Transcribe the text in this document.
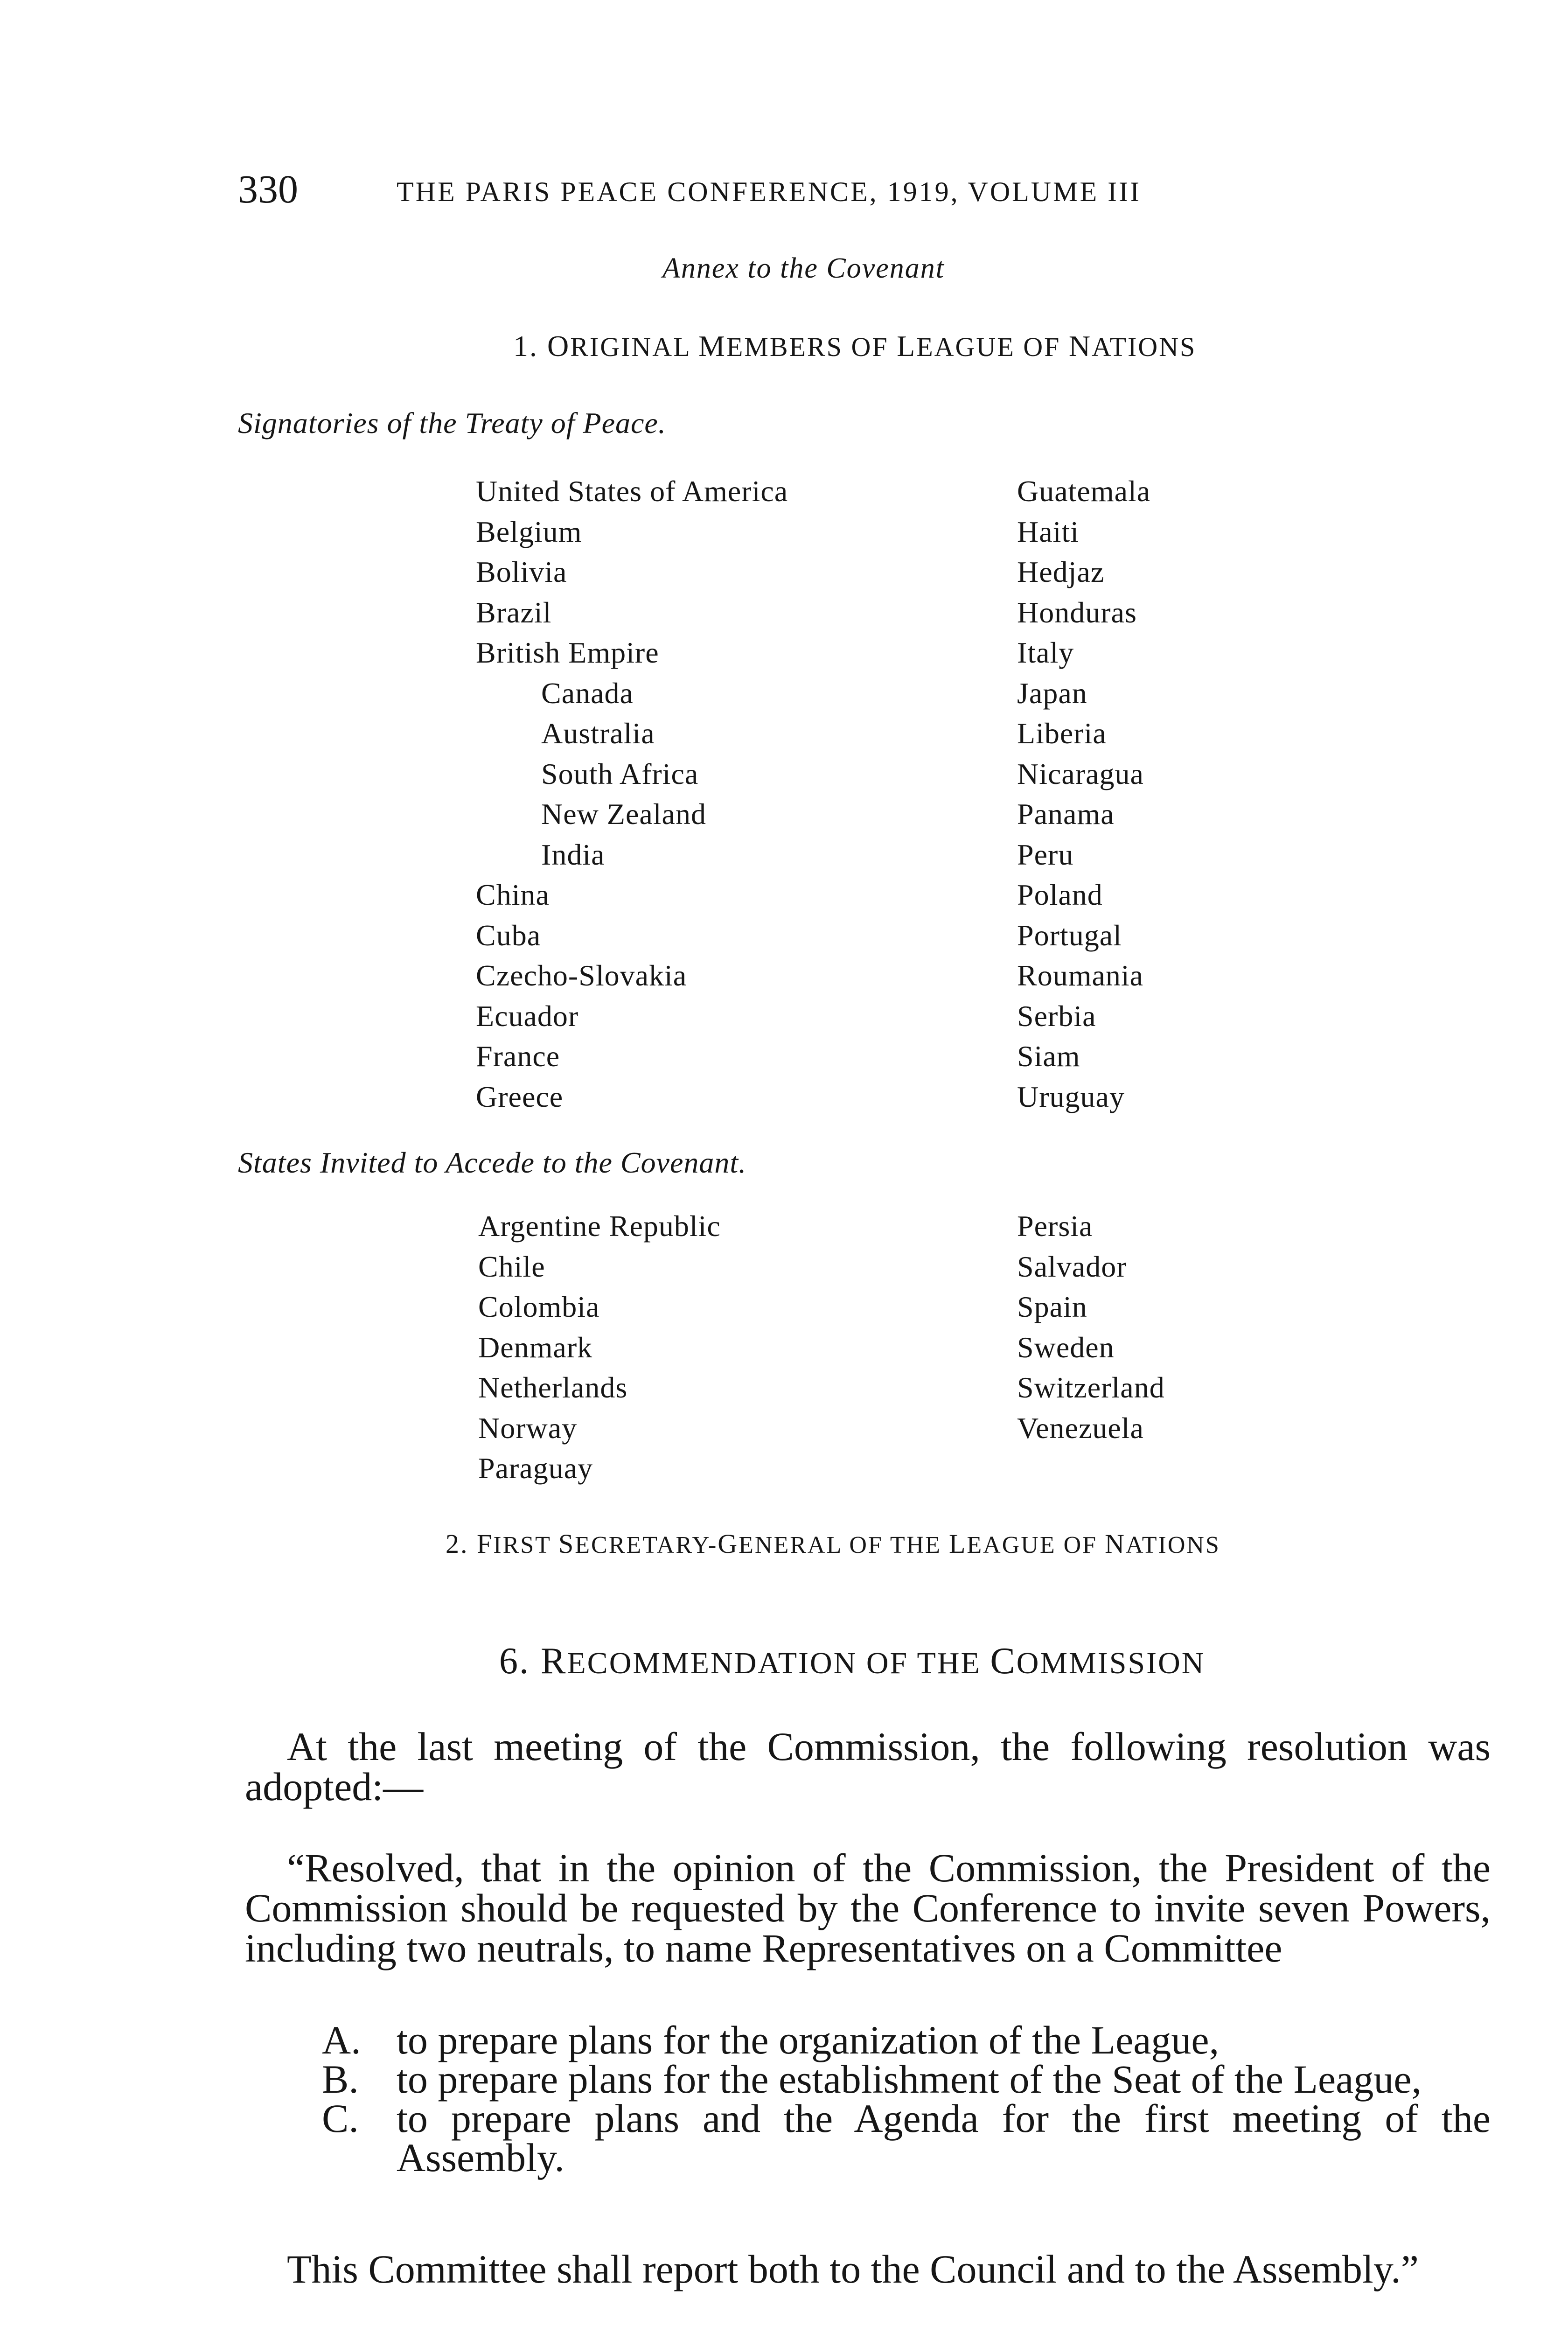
330	THE PARIS PEACE CONFERENCE, 1919, VOLUME III
Annex to the Covenant
1. ORIGINAL MEMBERS OF LEAGUE OF NATIONS
Signatories of the Treaty of Peace.
United States of America
Belgium
Bolivia
Brazil
British Empire
Canada
Australia
South Africa
New Zealand
India
China
Cuba
Czecho-Slovakia
Ecuador
France
Greece
Guatemala
Haiti
Hedjaz
Honduras
Italy
Japan
Liberia
Nicaragua
Panama
Peru
Poland
Portugal
Roumania
Serbia
Siam
Uruguay
States Invited to Accede to the Covenant.
Argentine Republic
Chile
Colombia
Denmark
Netherlands
Norway
Paraguay
Persia
Salvador
Spain
Sweden
Switzerland
Venezuela
2. FIRST SECRETARY-GENERAL OF THE LEAGUE OF NATIONS
6. RECOMMENDATION OF THE COMMISSION
At the last meeting of the Commission, the following resolution was adopted:—
“Resolved, that in the opinion of the Commission, the President of the Commission should be requested by the Conference to invite seven Powers, including two neutrals, to name Representatives on a Committee
A. to prepare plans for the organization of the League,
B. to prepare plans for the establishment of the Seat of the League,
C. to prepare plans and the Agenda for the first meeting of the Assembly.
This Committee shall report both to the Council and to the Assembly.”
